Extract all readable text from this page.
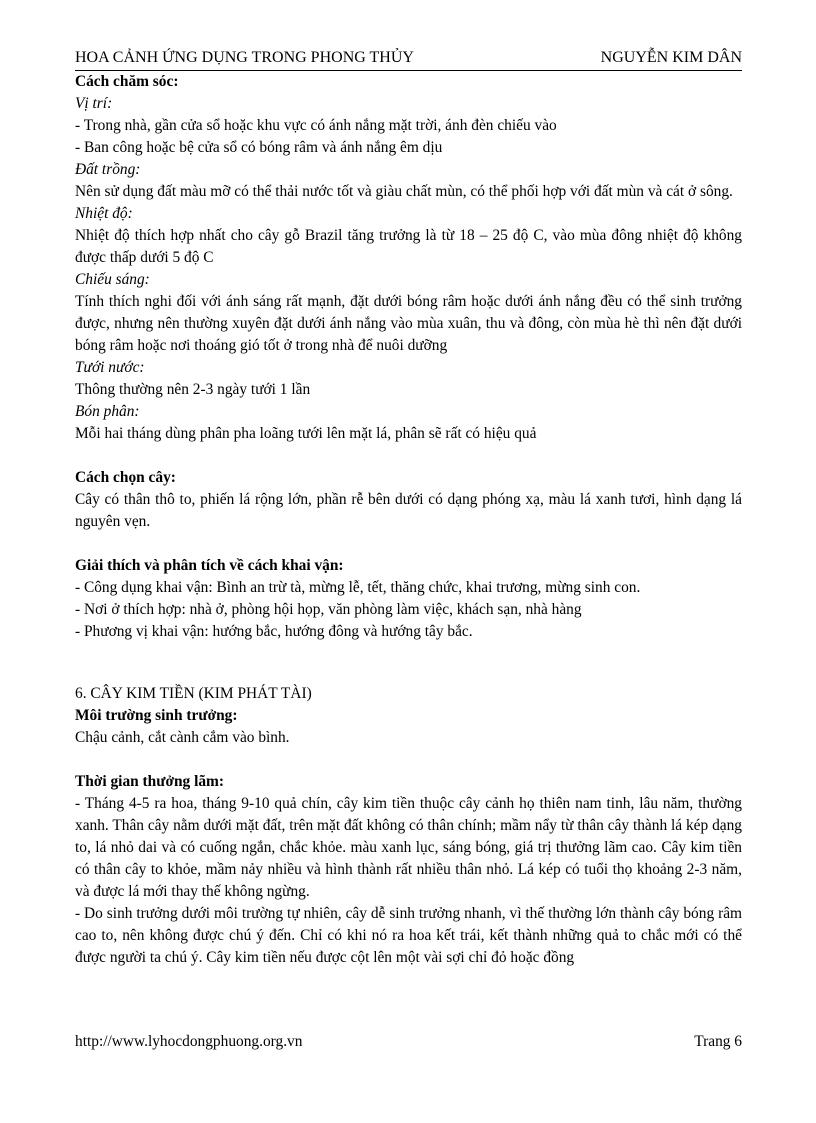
HOA CẢNH ỨNG DỤNG TRONG PHONG THỦY	NGUYỄN KIM DÂN

Cách chăm sóc:

Vị trí:

- Trong nhà, gần cửa sổ hoặc khu vực có ánh nắng mặt trời, ánh đèn chiếu vào

- Ban công hoặc bệ cửa sổ có bóng râm và ánh nắng êm dịu

Đất trồng:

Nên sử dụng đất màu mỡ có thể thải nước tốt và giàu chất mùn, có thể phối hợp với đất mùn và cát ở sông.

Nhiệt độ:

Nhiệt độ thích hợp nhất cho cây gỗ Brazil tăng trưởng là từ 18 – 25 độ C, vào mùa đông nhiệt độ không được thấp dưới 5 độ C

Chiếu sáng:

Tính thích nghi đối với ánh sáng rất mạnh, đặt dưới bóng râm hoặc dưới ánh nắng đều có thể sinh trưởng được, nhưng nên thường xuyên đặt dưới ánh nắng vào mùa xuân, thu và đông, còn mùa hè thì nên đặt dưới bóng râm hoặc nơi thoáng gió tốt ở trong nhà để nuôi dưỡng

Tưới nước:

Thông thường nên 2-3 ngày tưới 1 lần

Bón phân:

Mỗi hai tháng dùng phân pha loãng tưới lên mặt lá, phân sẽ rất có hiệu quả

Cách chọn cây:

Cây có thân thô to, phiến lá rộng lớn, phần rễ bên dưới có dạng phóng xạ, màu lá xanh tươi, hình dạng lá nguyên vẹn.

Giải thích và phân tích về cách khai vận:

- Công dụng khai vận: Bình an trừ tà, mừng lễ, tết, thăng chức, khai trương, mừng sinh con.

- Nơi ở thích hợp: nhà ở, phòng hội họp, văn phòng làm việc, khách sạn, nhà hàng

- Phương vị khai vận: hướng bắc, hướng đông và hướng tây bắc.

6. CÂY KIM TIỀN (KIM PHÁT TÀI)

Môi trường sinh trưởng:

Chậu cảnh, cắt cành cắm vào bình.

Thời gian thưởng lãm:

- Tháng 4-5 ra hoa, tháng 9-10 quả chín, cây kim tiền thuộc cây cảnh họ thiên nam tinh, lâu năm, thường xanh. Thân cây nằm dưới mặt đất, trên mặt đất không có thân chính; mầm nẩy từ thân cây thành lá kép dạng to, lá nhỏ dai và có cuống ngắn, chắc khỏe. màu xanh lục, sáng bóng, giá trị thưởng lãm cao. Cây kim tiền có thân cây to khỏe, mầm nảy nhiều và hình thành rất nhiều thân nhỏ. Lá kép có tuổi thọ khoảng 2-3 năm, và được lá mới thay thế không ngừng.

- Do sinh trưởng dưới môi trường tự nhiên, cây dễ sinh trưởng nhanh, vì thế thường lớn thành cây bóng râm cao to, nên không được chú ý đến. Chỉ có khi nó ra hoa kết trái, kết thành những quả to chắc mới có thể được người ta chú ý. Cây kim tiền nếu được cột lên một vài sợi chỉ đỏ hoặc đồng

http://www.lyhocdongphuong.org.vn	Trang 6
